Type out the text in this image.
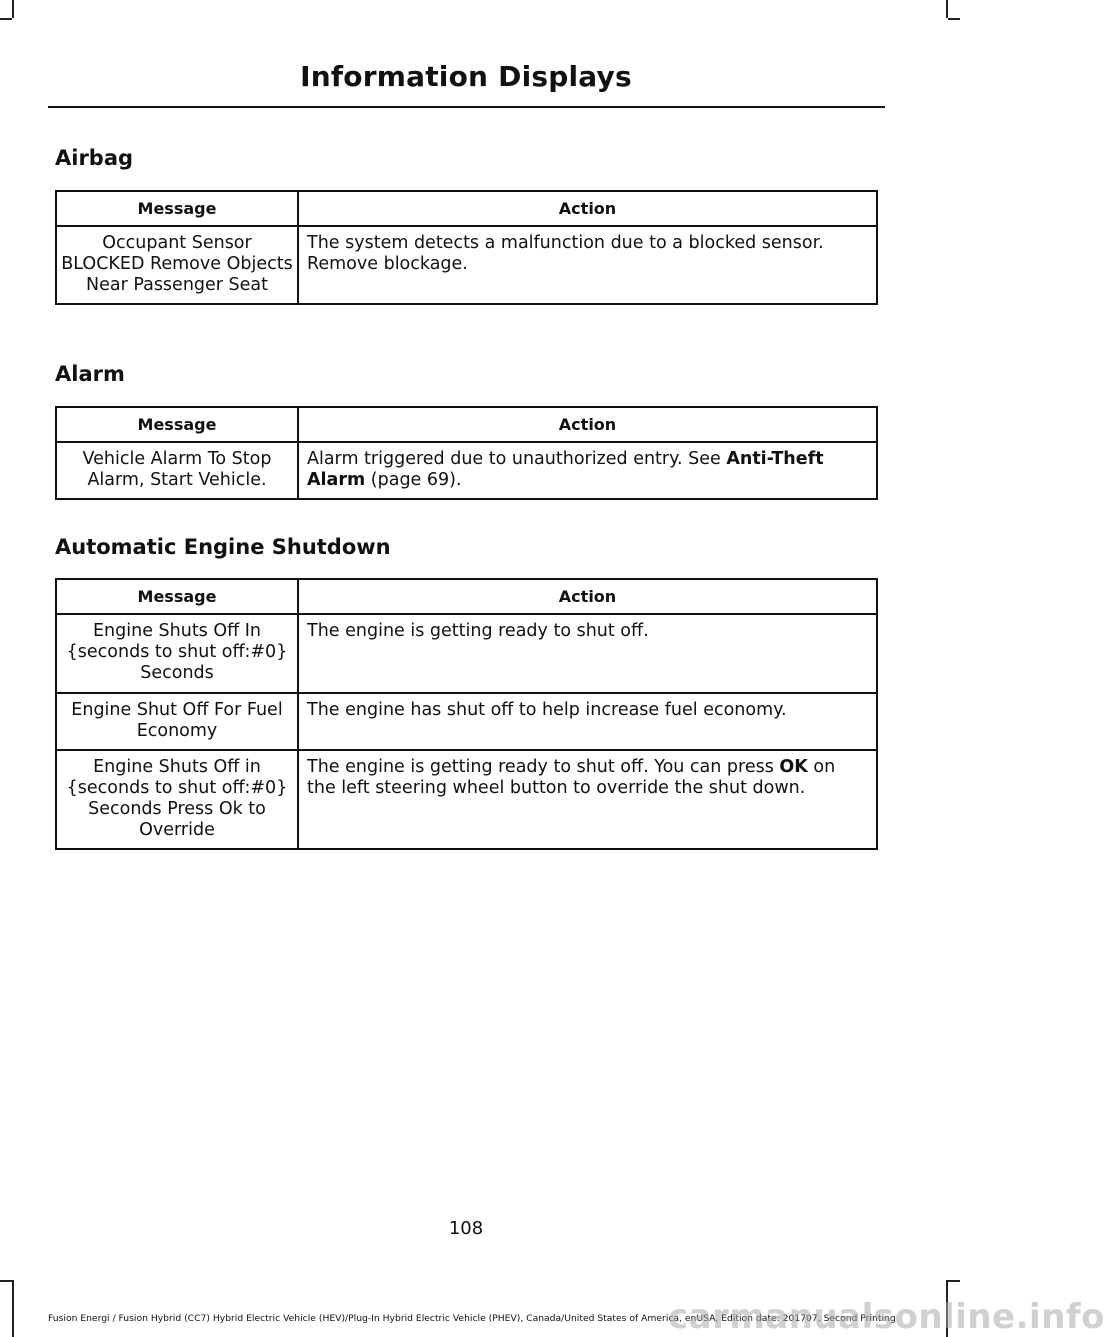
Information Displays
Airbag
Message	Action
Occupant Sensor BLOCKED Remove Objects Near Passenger Seat	The system detects a malfunction due to a blocked sensor. Remove blockage.
Alarm
Message	Action
Vehicle Alarm To Stop Alarm, Start Vehicle.	Alarm triggered due to unauthorized entry. See Anti-Theft Alarm (page 69).
Automatic Engine Shutdown
Message	Action
Engine Shuts Off In {seconds to shut off:#0} Seconds	The engine is getting ready to shut off.
Engine Shut Off For Fuel Economy	The engine has shut off to help increase fuel economy.
Engine Shuts Off in {seconds to shut off:#0} Seconds Press Ok to Override	The engine is getting ready to shut off. You can press OK on the left steering wheel button to override the shut down.
108
Fusion Energi / Fusion Hybrid (CC7) Hybrid Electric Vehicle (HEV)/Plug-In Hybrid Electric Vehicle (PHEV), Canada/United States of America, enUSA, Edition date: 201707, Second Printing
carmanualsonline.info
